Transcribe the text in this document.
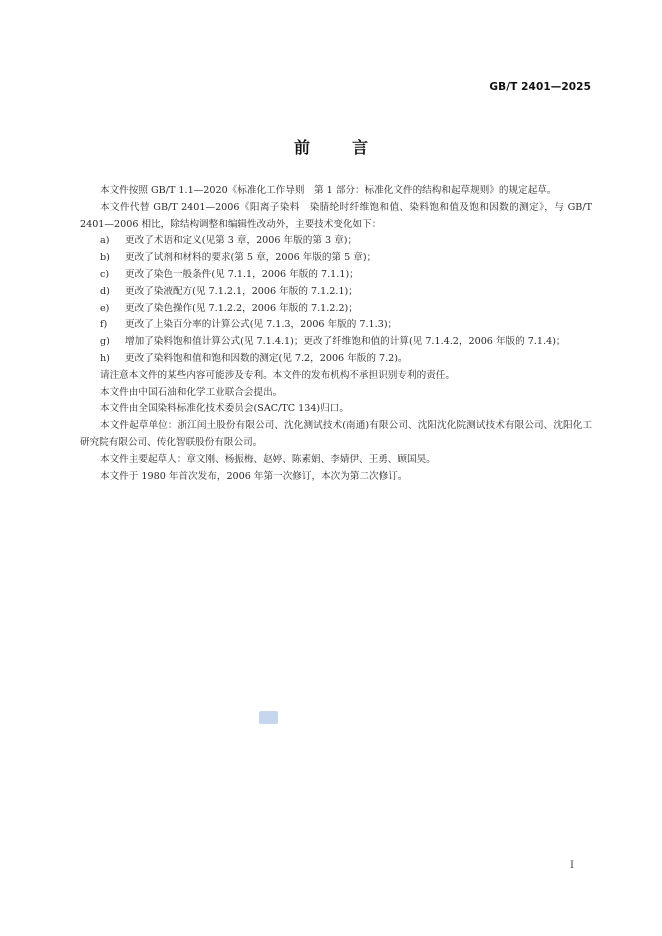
GB/T 2401—2025
前	言

本文件按照 GB/T 1.1—2020《标准化工作导则　第 1 部分：标准化文件的结构和起草规则》的规定起草。

本文件代替 GB/T 2401—2006《阳离子染料　染腈纶时纤维饱和值、染料饱和值及饱和因数的测定》，与 GB/T 2401—2006 相比，除结构调整和编辑性改动外，主要技术变化如下：

a) 更改了术语和定义(见第 3 章，2006 年版的第 3 章)；
b) 更改了试剂和材料的要求(第 5 章，2006 年版的第 5 章)；
c) 更改了染色一般条件(见 7.1.1，2006 年版的 7.1.1)；
d) 更改了染液配方(见 7.1.2.1，2006 年版的 7.1.2.1)；
e) 更改了染色操作(见 7.1.2.2，2006 年版的 7.1.2.2)；
f) 更改了上染百分率的计算公式(见 7.1.3，2006 年版的 7.1.3)；
g) 增加了染料饱和值计算公式(见 7.1.4.1)；更改了纤维饱和值的计算(见 7.1.4.2，2006 年版的 7.1.4)；
h) 更改了染料饱和值和饱和因数的测定(见 7.2，2006 年版的 7.2)。

请注意本文件的某些内容可能涉及专利。本文件的发布机构不承担识别专利的责任。

本文件由中国石油和化学工业联合会提出。

本文件由全国染料标准化技术委员会(SAC/TC 134)归口。

本文件起草单位：浙江闰土股份有限公司、沈化测试技术(南通)有限公司、沈阳沈化院测试技术有限公司、沈阳化工研究院有限公司、传化智联股份有限公司。

本文件主要起草人：章文刚、杨振梅、赵婷、陈素娟、李婧伊、王勇、顾国昊。

本文件于 1980 年首次发布，2006 年第一次修订，本次为第二次修订。

I
